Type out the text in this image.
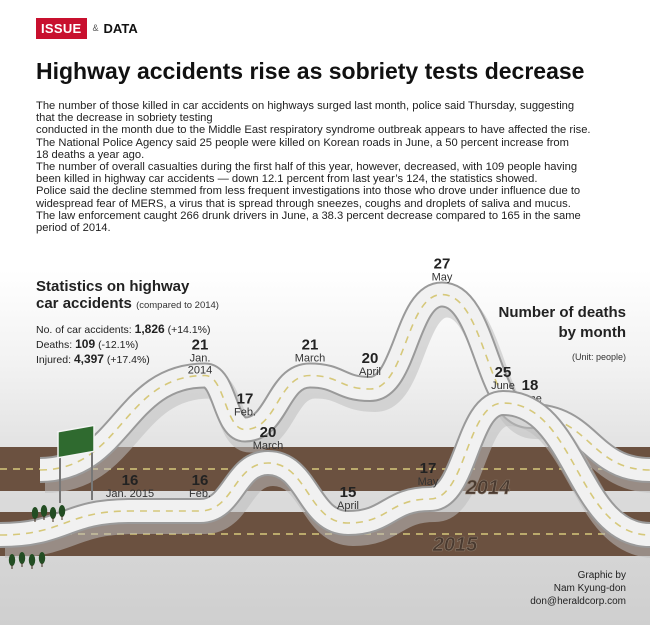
ISSUE	& DATA
Highway accidents rise as sobriety tests decrease

The number of those killed in car accidents on highways surged last month, police said Thursday, suggesting

that the decrease in sobriety testing

conducted in the month due to the Middle East respiratory syndrome outbreak appears to have affected the rise.

The National Police Agency said 25 people were killed on Korean roads in June, a 50 percent increase from

18 deaths a year ago.

The number of overall casualties during the first half of this year, however, decreased, with 109 people having

been killed in highway car accidents — down 12.1 percent from last year’s 124, the statistics showed.

Police said the decline stemmed from less frequent investigations into those who drove under influence due to

widespread fear of MERS, a virus that is spread through sneezes, coughs and droplets of saliva and mucus.

The law enforcement caught 266 drunk drivers in June, a 38.3 percent decrease compared to 165 in the same

period of 2014.

21
Jan. 2014
17
Feb.
21
March 20
April
27
May
18
June
16
Jan. 2015
16
Feb.
20
March
15
April
17
May
25
June
2014
2015
Statistics on highway
car accidents (compared to 2014)
No. of car accidents: 1,826 (+14.1%)
Deaths: 109 (-12.1%)
Injured: 4,397 (+17.4%)
Number of deaths
by month
(Unit: people)
Graphic by
Nam Kyung-don
don@heraldcorp.com
